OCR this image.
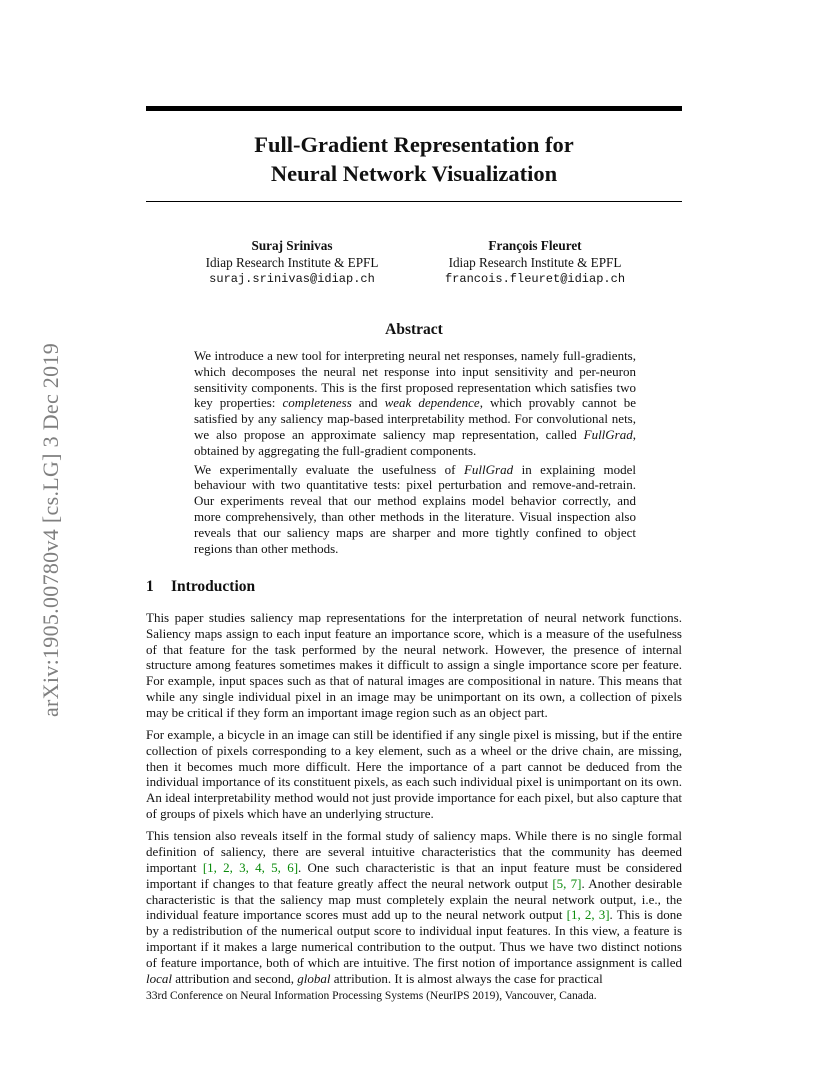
arXiv:1905.00780v4 [cs.LG] 3 Dec 2019
Full-Gradient Representation for
Neural Network Visualization
Suraj Srinivas
Idiap Research Institute & EPFL
suraj.srinivas@idiap.ch
François Fleuret
Idiap Research Institute & EPFL
francois.fleuret@idiap.ch
Abstract

We introduce a new tool for interpreting neural net responses, namely full-gradients, which decomposes the neural net response into input sensitivity and per-neuron sensitivity components. This is the first proposed representation which satisfies two key properties: completeness and weak dependence, which provably cannot be satisfied by any saliency map-based interpretability method. For convolutional nets, we also propose an approximate saliency map representation, called FullGrad, obtained by aggregating the full-gradient components.

We experimentally evaluate the usefulness of FullGrad in explaining model behaviour with two quantitative tests: pixel perturbation and remove-and-retrain. Our experiments reveal that our method explains model behavior correctly, and more comprehensively, than other methods in the literature. Visual inspection also reveals that our saliency maps are sharper and more tightly confined to object regions than other methods.

1 Introduction

This paper studies saliency map representations for the interpretation of neural network functions. Saliency maps assign to each input feature an importance score, which is a measure of the usefulness of that feature for the task performed by the neural network. However, the presence of internal structure among features sometimes makes it difficult to assign a single importance score per feature. For example, input spaces such as that of natural images are compositional in nature. This means that while any single individual pixel in an image may be unimportant on its own, a collection of pixels may be critical if they form an important image region such as an object part.

For example, a bicycle in an image can still be identified if any single pixel is missing, but if the entire collection of pixels corresponding to a key element, such as a wheel or the drive chain, are missing, then it becomes much more difficult. Here the importance of a part cannot be deduced from the individual importance of its constituent pixels, as each such individual pixel is unimportant on its own. An ideal interpretability method would not just provide importance for each pixel, but also capture that of groups of pixels which have an underlying structure.

This tension also reveals itself in the formal study of saliency maps. While there is no single formal definition of saliency, there are several intuitive characteristics that the community has deemed important [1, 2, 3, 4, 5, 6]. One such characteristic is that an input feature must be considered important if changes to that feature greatly affect the neural network output [5, 7]. Another desirable characteristic is that the saliency map must completely explain the neural network output, i.e., the individual feature importance scores must add up to the neural network output [1, 2, 3]. This is done by a redistribution of the numerical output score to individual input features. In this view, a feature is important if it makes a large numerical contribution to the output. Thus we have two distinct notions of feature importance, both of which are intuitive. The first notion of importance assignment is called local attribution and second, global attribution. It is almost always the case for practical

33rd Conference on Neural Information Processing Systems (NeurIPS 2019), Vancouver, Canada.
